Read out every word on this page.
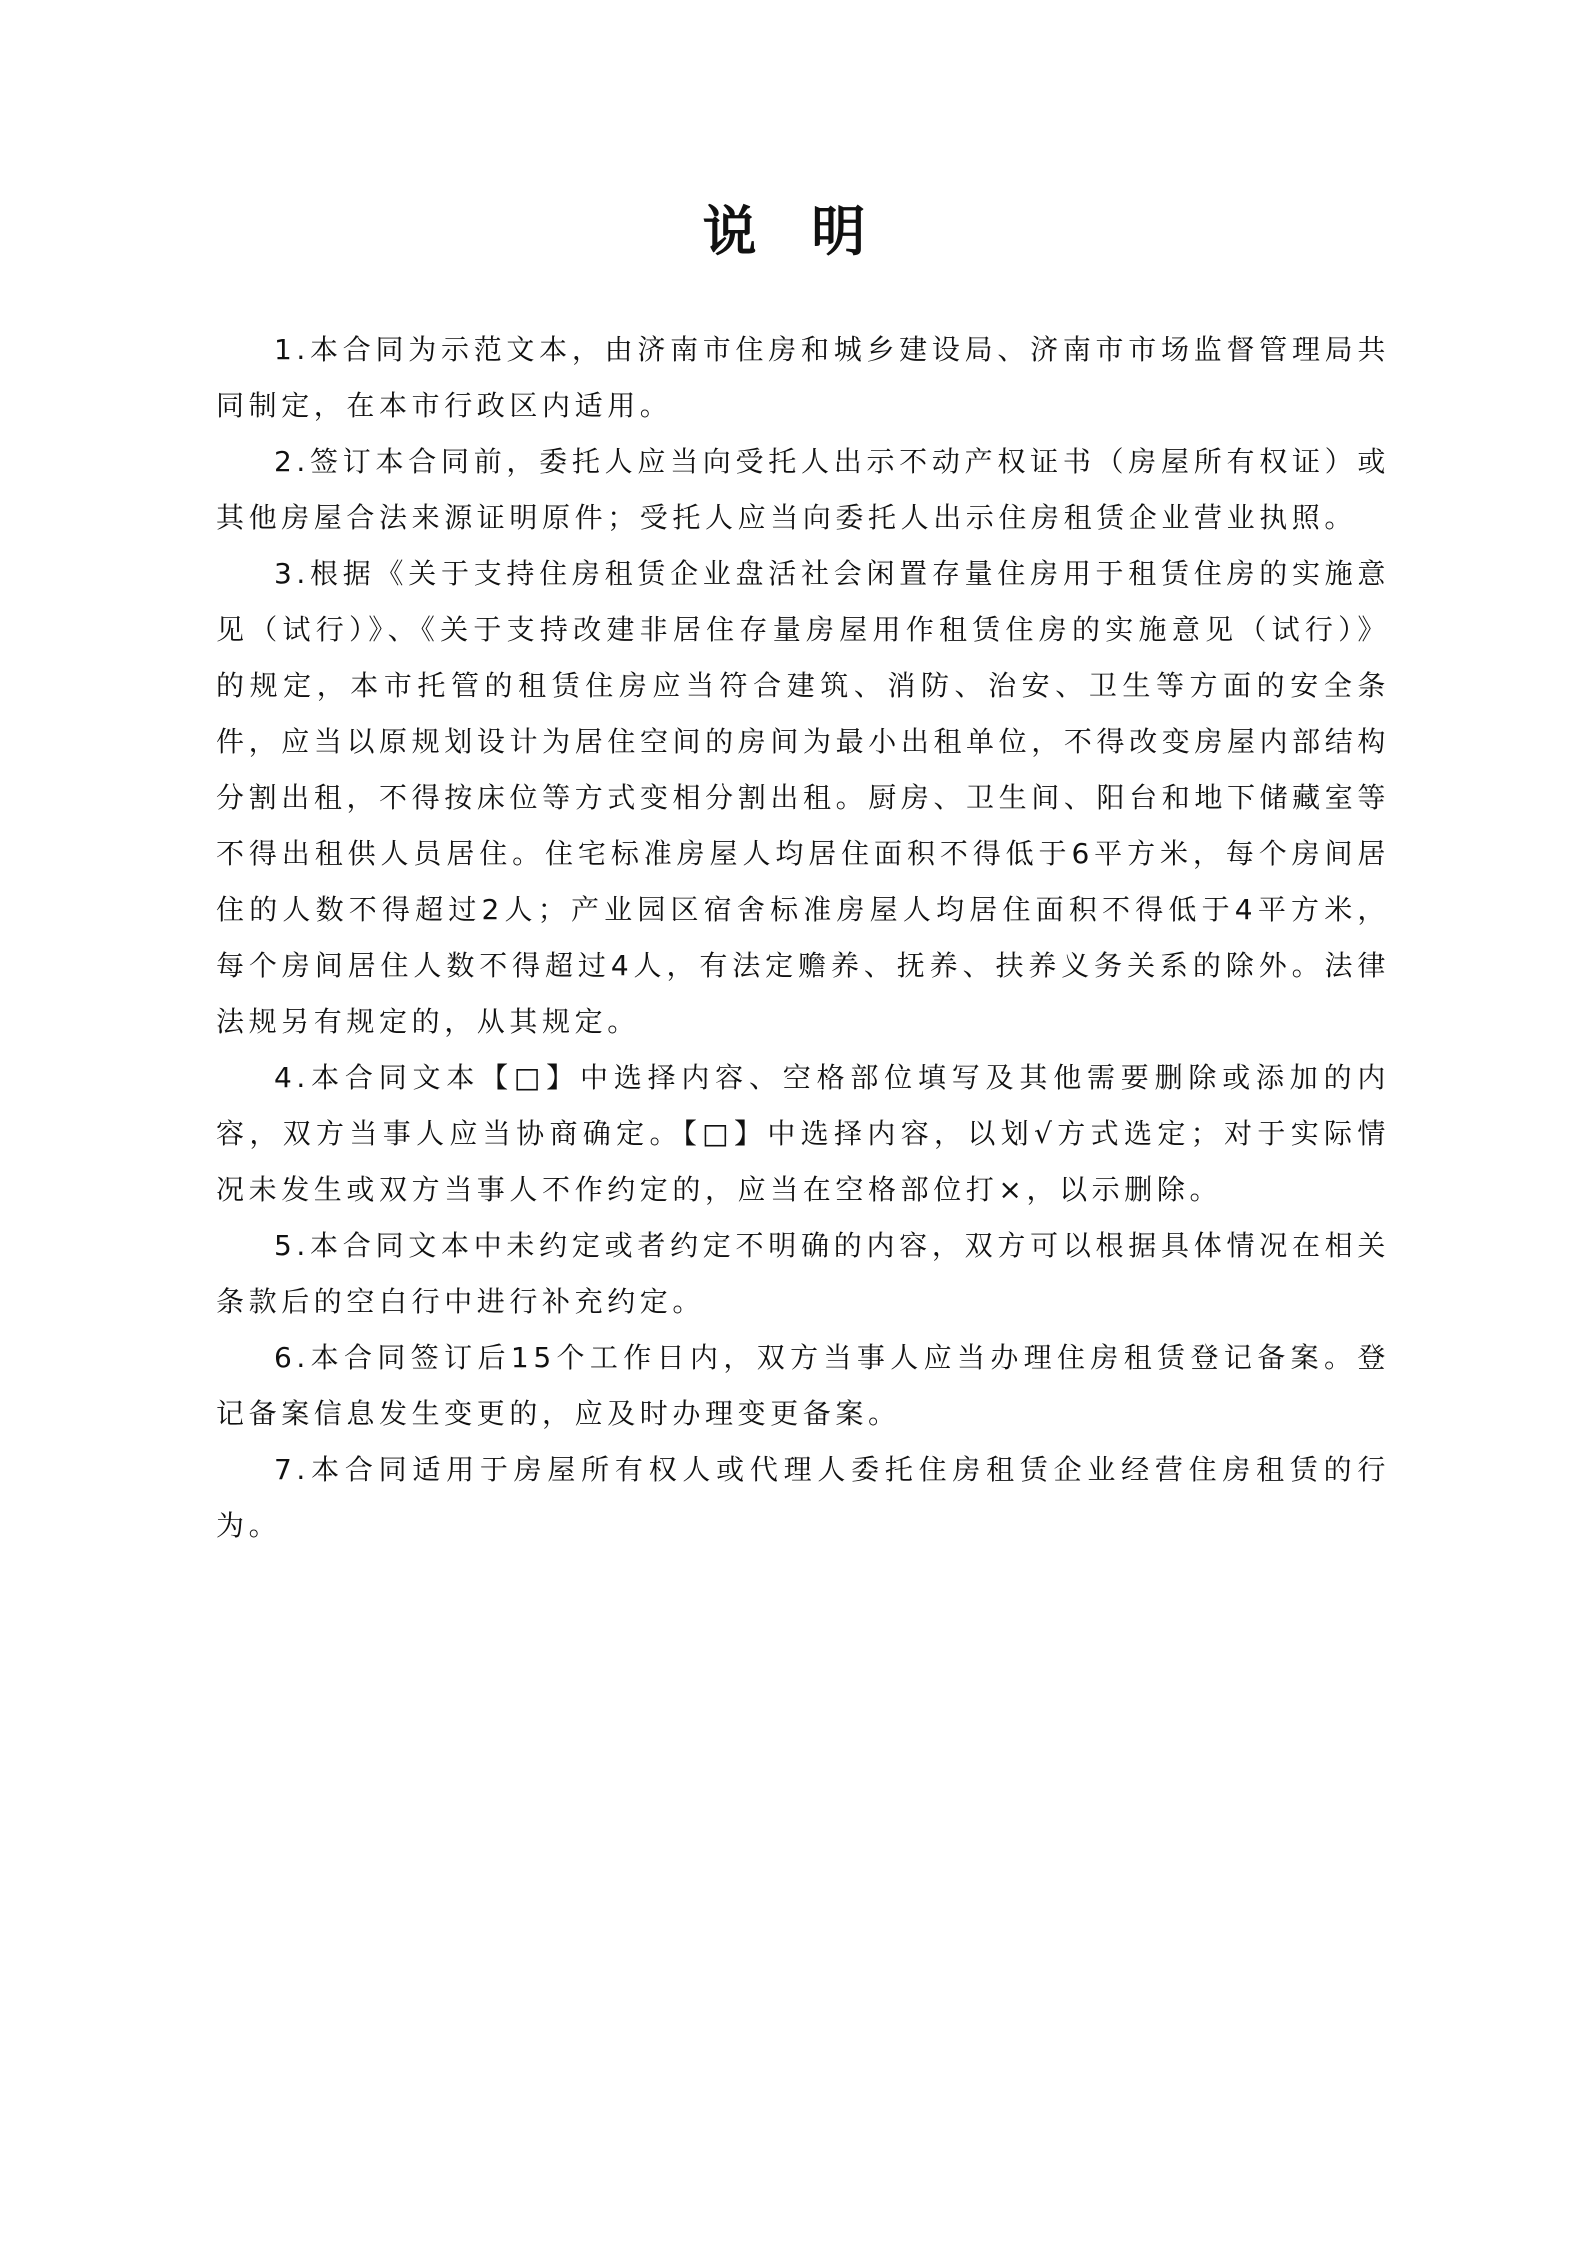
说 明

1.本合同为示范文本，由济南市住房和城乡建设局、济南市市场监督管理局共同制定，在本市行政区内适用。

2.签订本合同前，委托人应当向受托人出示不动产权证书（房屋所有权证）或其他房屋合法来源证明原件；受托人应当向委托人出示住房租赁企业营业执照。

3.根据《关于支持住房租赁企业盘活社会闲置存量住房用于租赁住房的实施意见（试行）》、《关于支持改建非居住存量房屋用作租赁住房的实施意见（试行）》的规定，本市托管的租赁住房应当符合建筑、消防、治安、卫生等方面的安全条件，应当以原规划设计为居住空间的房间为最小出租单位，不得改变房屋内部结构分割出租，不得按床位等方式变相分割出租。厨房、卫生间、阳台和地下储藏室等不得出租供人员居住。住宅标准房屋人均居住面积不得低于6平方米，每个房间居住的人数不得超过2人；产业园区宿舍标准房屋人均居住面积不得低于4平方米，每个房间居住人数不得超过4人，有法定赡养、抚养、扶养义务关系的除外。法律法规另有规定的，从其规定。

4.本合同文本【□】中选择内容、空格部位填写及其他需要删除或添加的内容，双方当事人应当协商确定。【□】中选择内容，以划√方式选定；对于实际情况未发生或双方当事人不作约定的，应当在空格部位打×，以示删除。

5.本合同文本中未约定或者约定不明确的内容，双方可以根据具体情况在相关条款后的空白行中进行补充约定。

6.本合同签订后15个工作日内，双方当事人应当办理住房租赁登记备案。登记备案信息发生变更的，应及时办理变更备案。

7.本合同适用于房屋所有权人或代理人委托住房租赁企业经营住房租赁的行为。
